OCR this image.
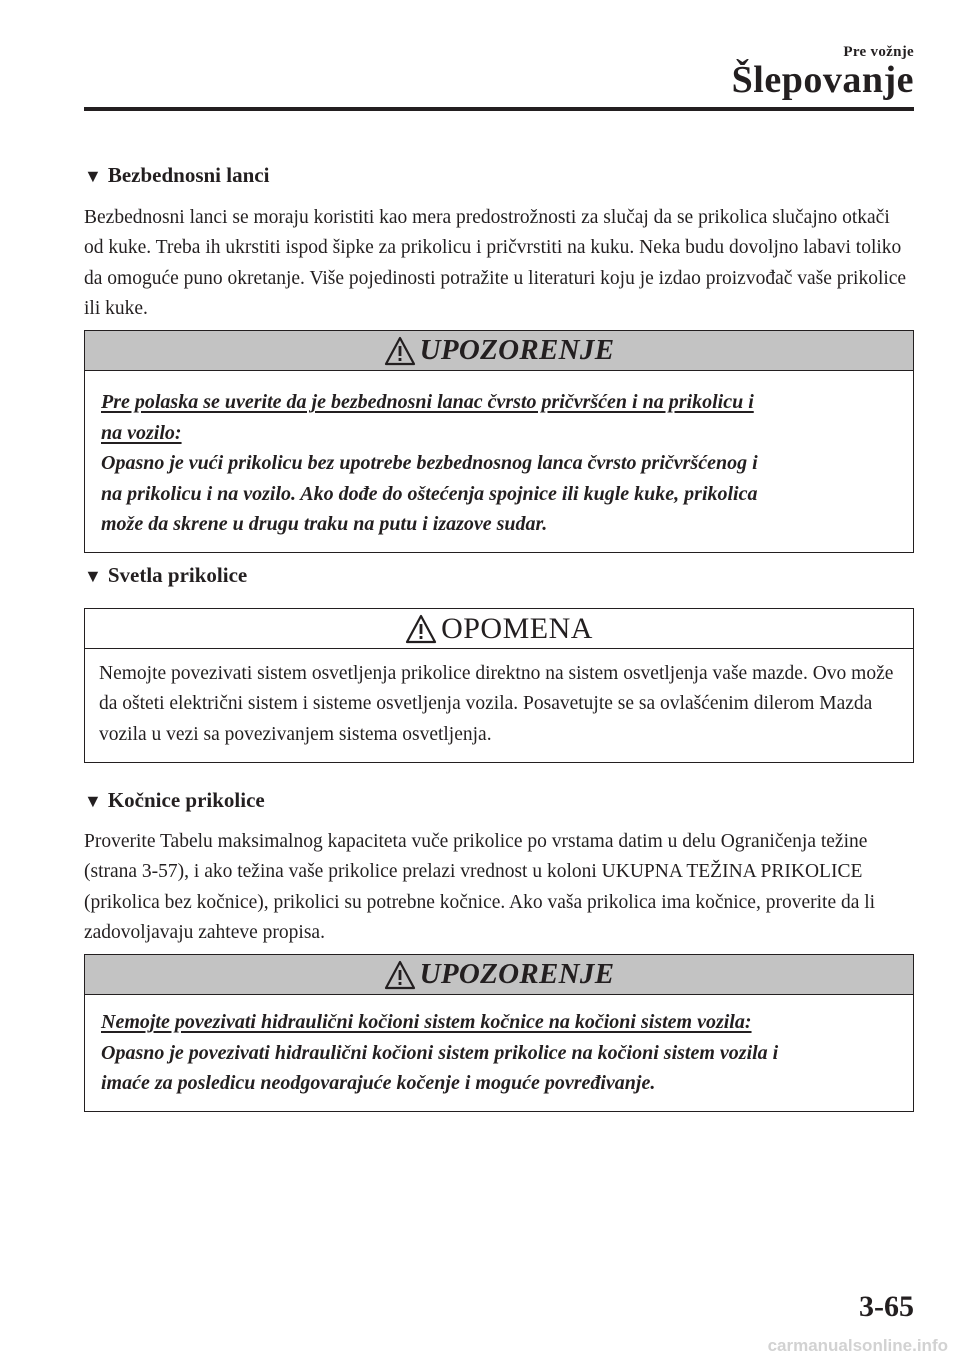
Pre vožnje
Šlepovanje
▼ Bezbednosni lanci

Bezbednosni lanci se moraju koristiti kao mera predostrožnosti za slučaj da se prikolica slučajno otkači od kuke. Treba ih ukrstiti ispod šipke za prikolicu i pričvrstiti na kuku. Neka budu dovoljno labavi toliko da omoguće puno okretanje. Više pojedinosti potražite u literaturi koju je izdao proizvođač vaše prikolice ili kuke.

UPOZORENJE

Pre polaska se uverite da je bezbednosni lanac čvrsto pričvršćen i na prikolicu i

na vozilo:

Opasno je vući prikolicu bez upotrebe bezbednosnog lanca čvrsto pričvršćenog i

na prikolicu i na vozilo. Ako dođe do oštećenja spojnice ili kugle kuke, prikolica

može da skrene u drugu traku na putu i izazove sudar.

▼ Svetla prikolice
OPOMENA

Nemojte povezivati sistem osvetljenja prikolice direktno na sistem osvetljenja vaše mazde. Ovo može da ošteti električni sistem i sisteme osvetljenja vozila. Posavetujte se sa ovlašćenim dilerom Mazda vozila u vezi sa povezivanjem sistema osvetljenja.

▼ Kočnice prikolice

Proverite Tabelu maksimalnog kapaciteta vuče prikolice po vrstama datim u delu Ograničenja težine (strana 3-57), i ako težina vaše prikolice prelazi vrednost u koloni UKUPNA TEŽINA PRIKOLICE (prikolica bez kočnice), prikolici su potrebne kočnice. Ako vaša prikolica ima kočnice, proverite da li zadovoljavaju zahteve propisa.

UPOZORENJE

Nemojte povezivati hidraulični kočioni sistem kočnice na kočioni sistem vozila:

Opasno je povezivati hidraulični kočioni sistem prikolice na kočioni sistem vozila i

imaće za posledicu neodgovarajuće kočenje i moguće povređivanje.

3-65
carmanualsonline.info
